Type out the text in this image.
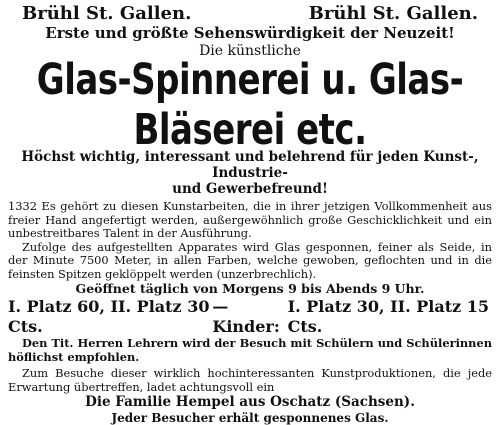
Brühl St. Gallen.	Brühl St. Gallen.
Erste und größte Sehenswürdigkeit der Neuzeit!
Die künstliche
Glas-Spinnerei u. Glas-Bläserei etc.
Höchst wichtig, interessant und belehrend für jeden Kunst-, Industrie-
und Gewerbefreund!

1332 Es gehört zu diesen Kunstarbeiten, die in ihrer jetzigen Vollkommenheit aus freier Hand angefertigt werden, außergewöhnlich große Geschicklichkeit und ein unbestreitbares Talent in der Ausführung.

Zufolge des aufgestellten Apparates wird Glas gesponnen, feiner als Seide, in der Minute 7500 Meter, in allen Farben, welche gewoben, geflochten und in die feinsten Spitzen geklöppelt werden (unzerbrechlich).

Geöffnet täglich von Morgens 9 bis Abends 9 Uhr.
I. Platz 60, II. Platz 30 Cts.
— Kinder:
I. Platz 30, II. Platz 15 Cts.
Den Tit. Herren Lehrern wird der Besuch mit Schülern und Schülerinnen höflichst empfohlen.
Zum Besuche dieser wirklich hochinteressanten Kunstproduktionen, die jede Erwartung übertreffen, ladet achtungsvoll ein
Die Familie Hempel aus Oschatz (Sachsen).
Jeder Besucher erhält gesponnenes Glas.
